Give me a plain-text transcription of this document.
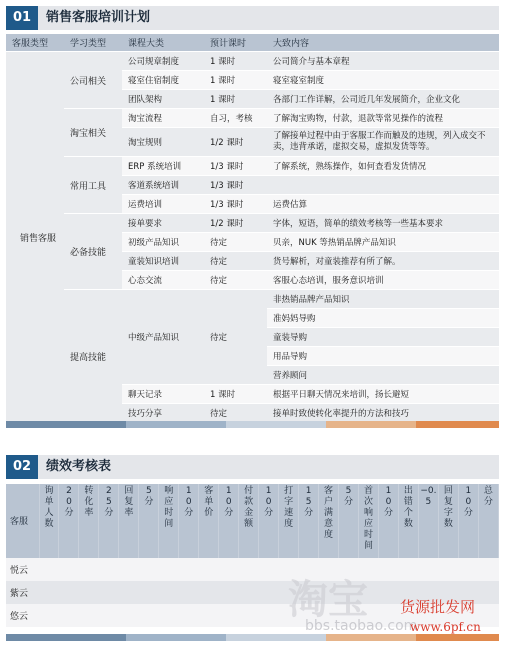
01	销售客服培训计划
客服类型	学习类型	课程大类	预计课时	大致内容
销售客服	公司相关	公司规章制度	1 课时	公司简介与基本章程
		寝室住宿制度	1 课时	寝室寝室制度
		团队架构	1 课时	各部门工作详解，公司近几年发展简介，企业文化
	淘宝相关	淘宝流程	自习，考核	了解淘宝购物，付款，退款等常见操作的流程
		淘宝规则	1/2 课时	了解接单过程中由于客服工作而触及的违规，列入成交不卖，违背承诺，虚拟交易，虚拟发货等等。
	常用工具	ERP 系统培训	1/3 课时	了解系统，熟练操作，如何查看发货情况
		客道系统培训	1/3 课时	
		运费培训	1/3 课时	运费估算
	必备技能	接单要求	1/2 课时	字体，短语，简单的绩效考核等一些基本要求
		初级产品知识	待定	贝亲，NUK 等热销品牌产品知识
		童装知识培训	待定	货号解析，对童装推荐有所了解。
		心态交流	待定	客服心态培训，服务意识培训
	提高技能	中级产品知识	待定	非热销品牌产品知识
				准妈妈导购
				童装导购
				用品导购
				营养顾问
		聊天记录	1 课时	根据平日聊天情况来培训，扬长避短
		技巧分享	待定	接单时致使转化率提升的方法和技巧
02	绩效考核表
客服	询单人数	20分	转化率	25分	回复率	5分	响应时间	10分	客单价	10分	付款金额	10分	打字速度	15分	客户满意度	5分	首次响应时间	10分	出错个数	−0.5	回复字数	10分	总分
悦云																							
紫云																							
悠云																								淘宝
bbs.taobao.com
货源批发网
www.6pf.cn
